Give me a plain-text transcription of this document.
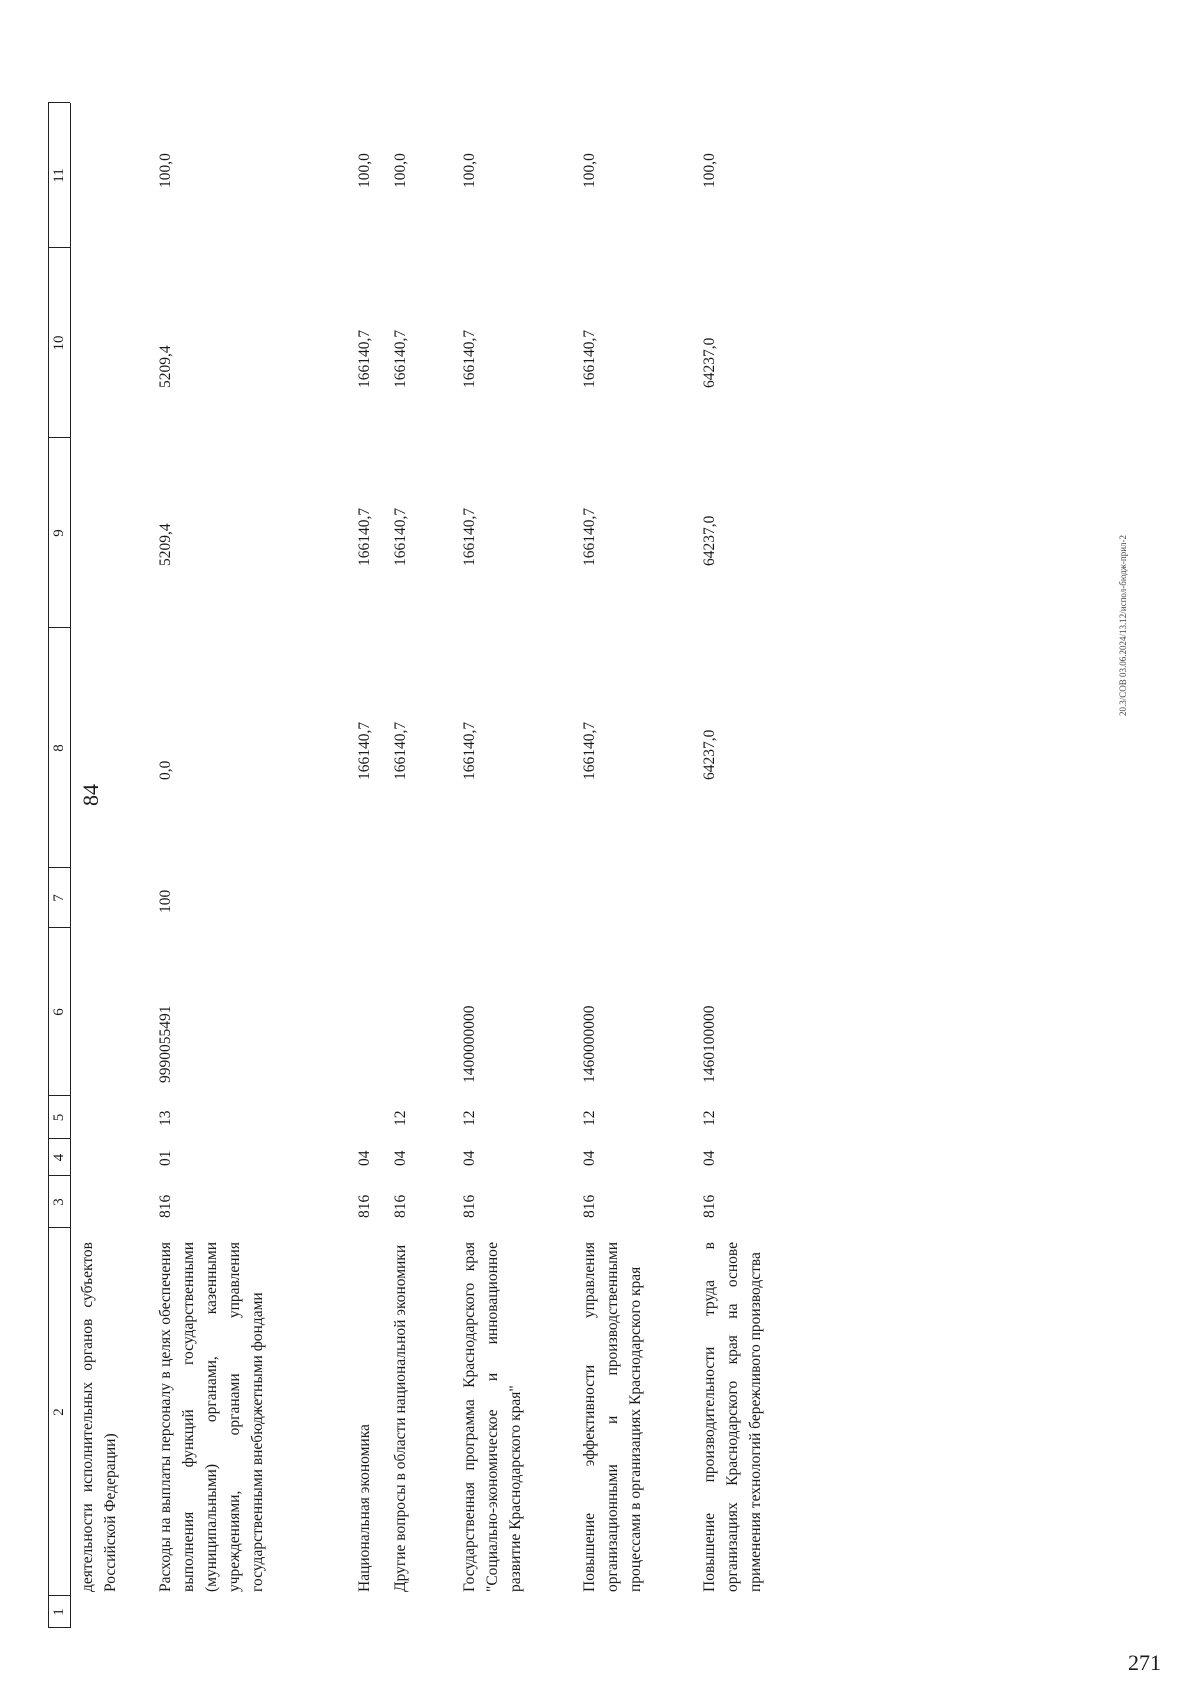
84
20.3/СОВ 03.06.2024/13.12/испол-бюдж-прил-2
271
1
2
3
4
5
6
7
8
9
10
11
деятельности исполнительных органов субъектов Российской Федерации) Расходы на выплаты персоналу в целях обеспечения выполнения функций государственными (муниципальными) органами, казенными учреждениями, органами управления государственными внебюджетными фондами
816
01
13
9990055491
100
0,0
5209,4
5209,4
100,0
Национальная экономика
816
04
166140,7
166140,7
166140,7
100,0
Другие вопросы в области национальной экономики
816
04
12
166140,7
166140,7
166140,7
100,0
Государственная программа Краснодарского края "Социально-экономическое и инновационное развитие Краснодарского края"
816
04
12
1400000000
166140,7
166140,7
166140,7
100,0
Повышение эффективности управления организационными и производственными процессами в организациях Краснодарского края
816
04
12
1460000000
166140,7
166140,7
166140,7
100,0
Повышение производительности труда в организациях Краснодарского края на основе применения технологий бережливого производства
816
04
12
1460100000
64237,0
64237,0
64237,0
100,0
